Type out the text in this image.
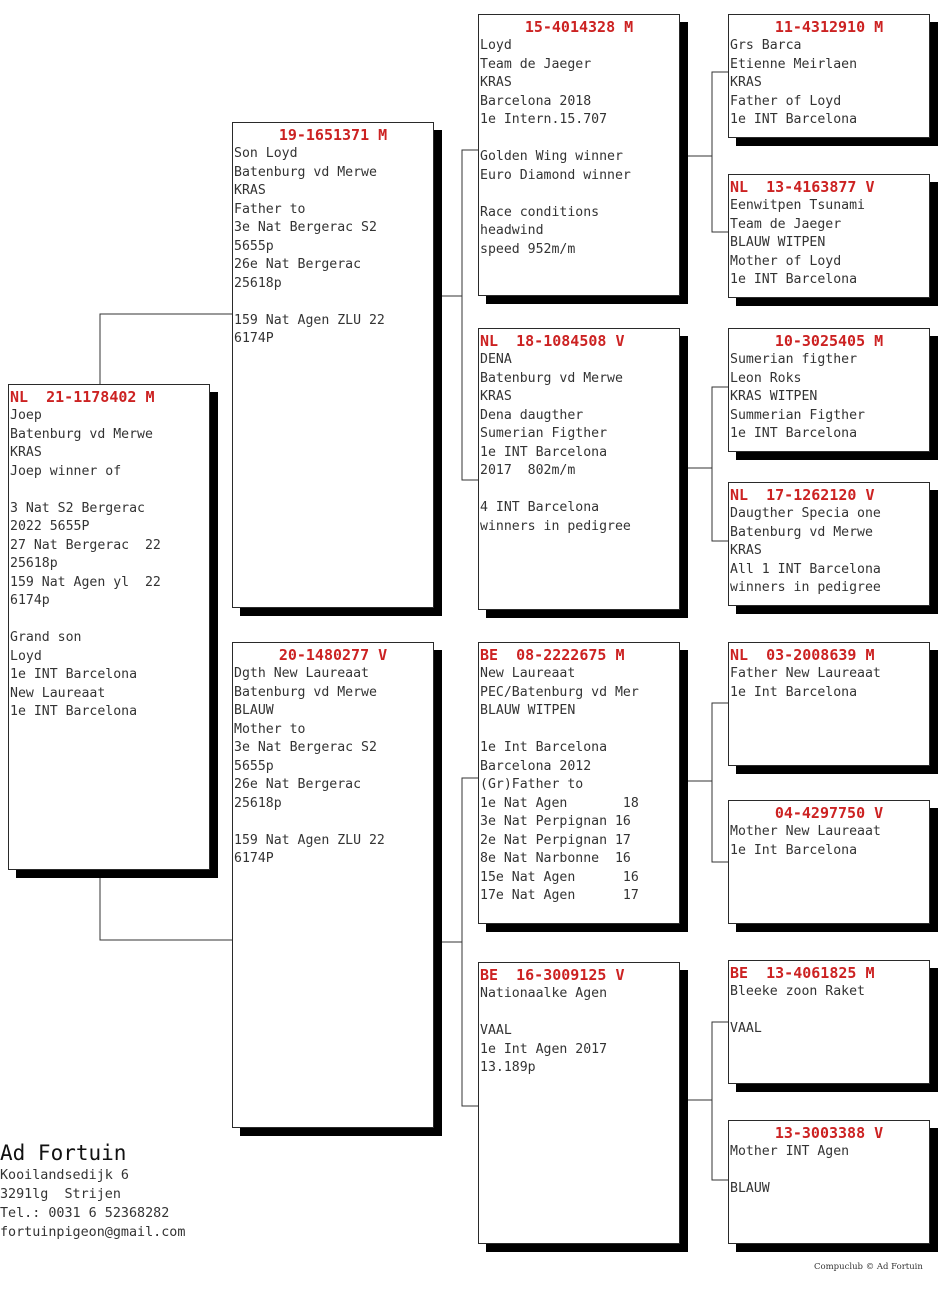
NL  21-1178402 M
Joep
Batenburg vd Merwe
KRAS
Joep winner of
3 Nat S2 Bergerac
2022 5655P
27 Nat Bergerac  22
25618p
159 Nat Agen yl  22
6174p
Grand son
Loyd
1e INT Barcelona
New Laureaat
1e INT Barcelona
19-1651371 M
Son Loyd
Batenburg vd Merwe
KRAS
Father to
3e Nat Bergerac S2
5655p
26e Nat Bergerac
25618p
159 Nat Agen ZLU 22
6174P
20-1480277 V
Dgth New Laureaat
Batenburg vd Merwe
BLAUW
Mother to
3e Nat Bergerac S2
5655p
26e Nat Bergerac
25618p
159 Nat Agen ZLU 22
6174P
15-4014328 M
Loyd
Team de Jaeger
KRAS
Barcelona 2018
1e Intern.15.707
Golden Wing winner
Euro Diamond winner
Race conditions
headwind
speed 952m/m
NL  18-1084508 V
DENA
Batenburg vd Merwe
KRAS
Dena daugther
Sumerian Figther
1e INT Barcelona
2017  802m/m
4 INT Barcelona
winners in pedigree
BE  08-2222675 M
New Laureaat
PEC/Batenburg vd Mer
BLAUW WITPEN
1e Int Barcelona
Barcelona 2012
(Gr)Father to
1e Nat Agen       18
3e Nat Perpignan 16
2e Nat Perpignan 17
8e Nat Narbonne  16
15e Nat Agen      16
17e Nat Agen      17
BE  16-3009125 V
Nationaalke Agen
VAAL
1e Int Agen 2017
13.189p
11-4312910 M
Grs Barca
Etienne Meirlaen
KRAS
Father of Loyd
1e INT Barcelona
NL  13-4163877 V
Eenwitpen Tsunami
Team de Jaeger
BLAUW WITPEN
Mother of Loyd
1e INT Barcelona
10-3025405 M
Sumerian figther
Leon Roks
KRAS WITPEN
Summerian Figther
1e INT Barcelona
NL  17-1262120 V
Daugther Specia one
Batenburg vd Merwe
KRAS
All 1 INT Barcelona
winners in pedigree
NL  03-2008639 M
Father New Laureaat
1e Int Barcelona
04-4297750 V
Mother New Laureaat
1e Int Barcelona
BE  13-4061825 M
Bleeke zoon Raket
VAAL
13-3003388 V
Mother INT Agen
BLAUW
Ad Fortuin
Kooilandsedijk 6
3291lg  Strijen
Tel.: 0031 6 52368282
fortuinpigeon@gmail.com
Compuclub © Ad Fortuin
